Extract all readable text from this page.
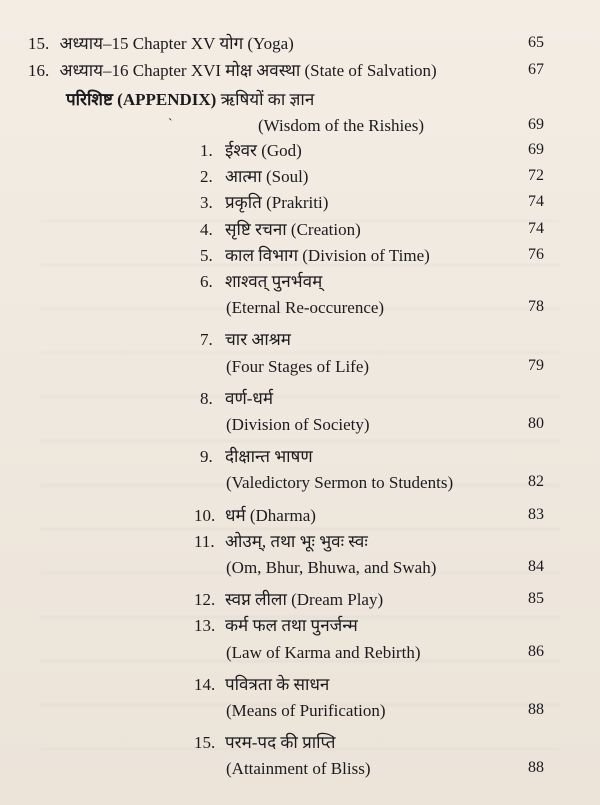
15. अध्याय–15 Chapter XV योग (Yoga)	65
16. अध्याय–16 Chapter XVI मोक्ष अवस्था (State of Salvation)	67
परिशिष्ट (APPENDIX) ऋषियों का ज्ञान
`	(Wisdom of the Rishies)	69
1. ईश्वर (God)	69
2. आत्मा (Soul)	72
3. प्रकृति (Prakriti)	74
4. सृष्टि रचना (Creation)	74
5. काल विभाग (Division of Time)	76
6. शाश्वत् पुनर्भवम्
(Eternal Re-occurence)	78
7. चार आश्रम
(Four Stages of Life)	79
8. वर्ण-धर्म
(Division of Society)	80
9. दीक्षान्त भाषण
(Valedictory Sermon to Students)	82
10. धर्म (Dharma)	83
11. ओउम्, तथा भूः भुवः स्वः
(Om, Bhur, Bhuwa, and Swah)	84
12. स्वप्न लीला (Dream Play)	85
13. कर्म फल तथा पुनर्जन्म
(Law of Karma and Rebirth)	86
14. पवित्रता के साधन
(Means of Purification)	88
15. परम-पद की प्राप्ति
(Attainment of Bliss)	88
